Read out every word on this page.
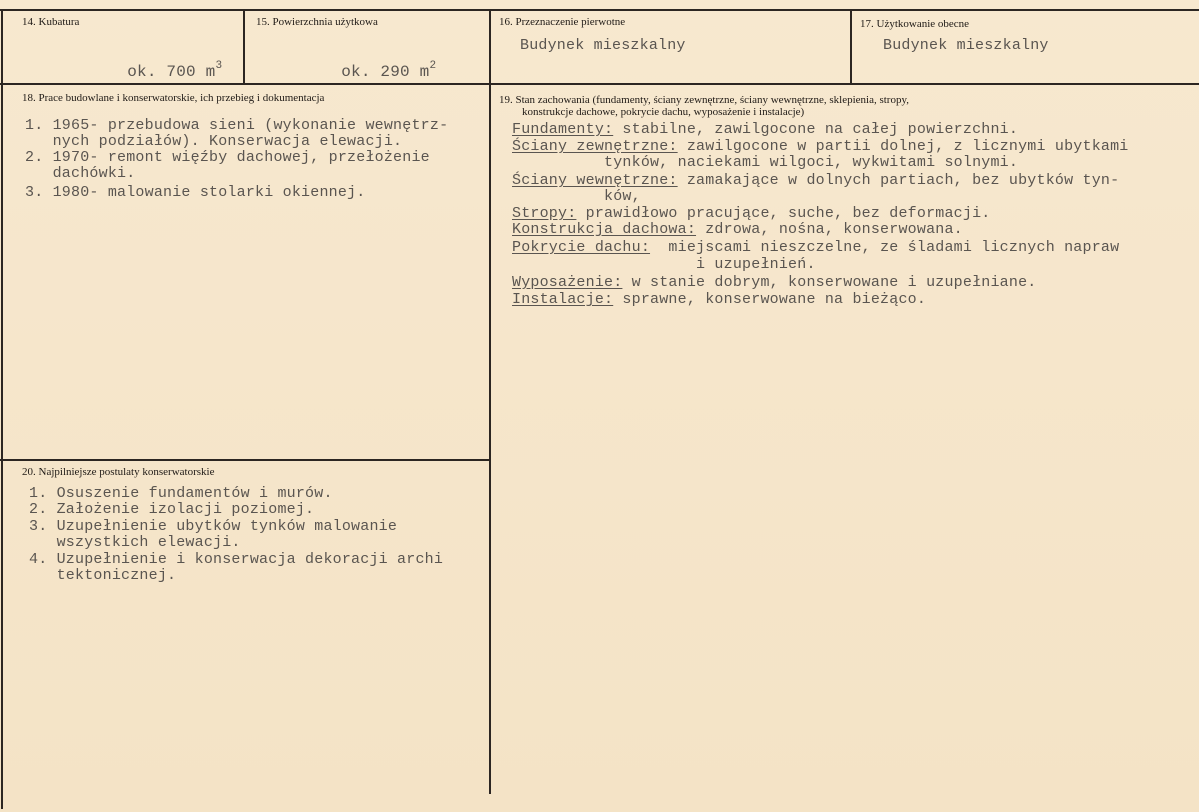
14. Kubatura

ok. 700 $m^3$

15. Powierzchnia użytkowa

ok. 290 $m^2$

16. Przeznaczenie pierwotne
Budynek mieszkalny
17. Użytkowanie obecne
Budynek mieszkalny
18. Prace budowlane i konserwatorskie, ich przebieg i dokumentacja
1. 1965- przebudowa sieni (wykonanie wewnętrz-
nych podziałów). Konserwacja elewacji.
2. 1970- remont więźby dachowej, przełożenie
dachówki.
3. 1980- malowanie stolarki okiennej.
19. Stan zachowania (fundamenty, ściany zewnętrzne, ściany wewnętrzne, sklepienia, stropy,
konstrukcje dachowe, pokrycie dachu, wyposażenie i instalacje)
Fundamenty: stabilne, zawilgocone na całej powierzchni.
Ściany zewnętrzne: zawilgocone w partii dolnej, z licznymi ubytkami
tynków, naciekami wilgoci, wykwitami solnymi.
Ściany wewnętrzne: zamakające w dolnych partiach, bez ubytków tyn-
ków,
Stropy: prawidłowo pracujące, suche, bez deformacji.
Konstrukcja dachowa: zdrowa, nośna, konserwowana.
Pokrycie dachu:  miejscami nieszczelne, ze śladami licznych napraw
i uzupełnień.
Wyposażenie: w stanie dobrym, konserwowane i uzupełniane.
Instalacje: sprawne, konserwowane na bieżąco.
20. Najpilniejsze postulaty konserwatorskie
1. Osuszenie fundamentów i murów.
2. Założenie izolacji poziomej.
3. Uzupełnienie ubytków tynków malowanie
wszystkich elewacji.
4. Uzupełnienie i konserwacja dekoracji archi
tektonicznej.
